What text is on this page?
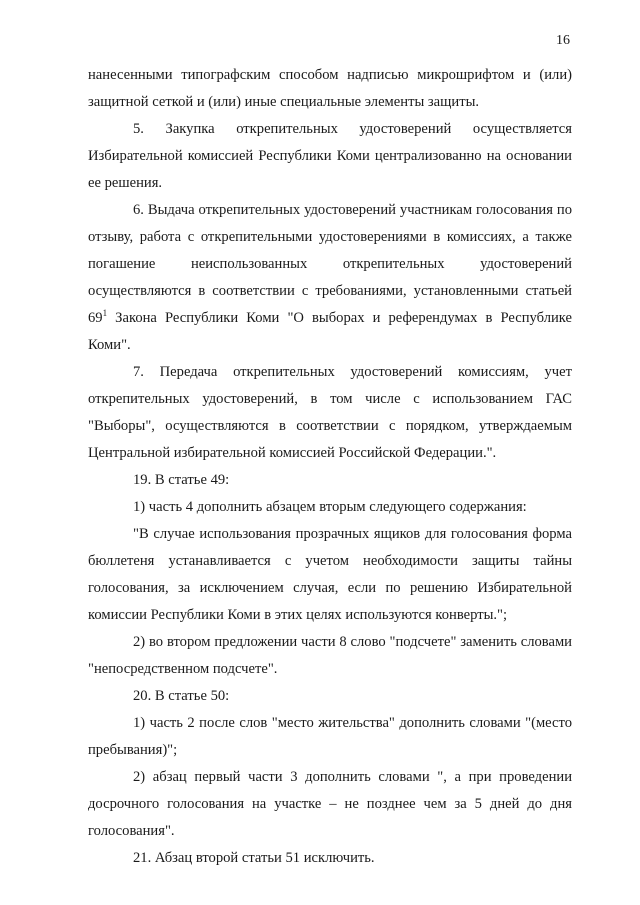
16

нанесенными типографским способом надписью микрошрифтом и (или) защитной сеткой и (или) иные специальные элементы защиты.

5. Закупка открепительных удостоверений осуществляется Избирательной комиссией Республики Коми централизованно на основании ее решения.

6. Выдача открепительных удостоверений участникам голосования по отзыву, работа с открепительными удостоверениями в комиссиях, а также погашение неиспользованных открепительных удостоверений осуществляются в соответствии с требованиями, установленными статьей $69^1$ Закона Республики Коми "О выборах и референдумах в Республике Коми".

7. Передача открепительных удостоверений комиссиям, учет открепительных удостоверений, в том числе с использованием ГАС "Выборы", осуществляются в соответствии с порядком, утверждаемым Центральной избирательной комиссией Российской Федерации.".

19. В статье 49:

1) часть 4 дополнить абзацем вторым следующего содержания:

"В случае использования прозрачных ящиков для голосования форма бюллетеня устанавливается с учетом необходимости защиты тайны голосования, за исключением случая, если по решению Избирательной комиссии Республики Коми в этих целях используются конверты.";

2) во втором предложении части 8 слово "подсчете" заменить словами "непосредственном подсчете".

20. В статье 50:

1) часть 2 после слов "место жительства" дополнить словами "(место пребывания)";

2) абзац первый части 3 дополнить словами ", а при проведении досрочного голосования на участке – не позднее чем за 5 дней до дня голосования".

21. Абзац второй статьи 51 исключить.
